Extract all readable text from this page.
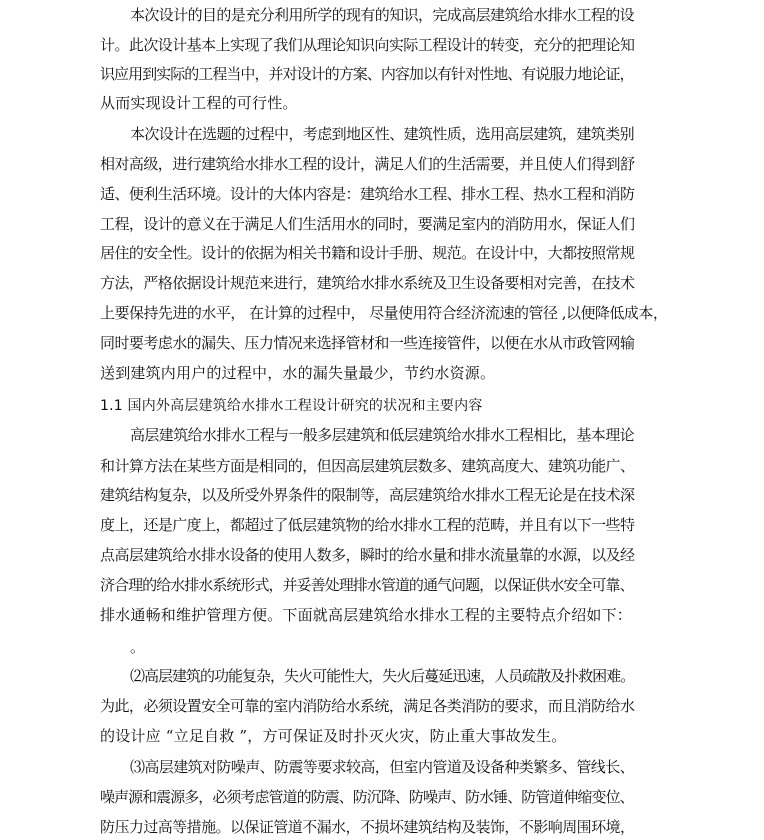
本次设计的目的是充分利用所学的现有的知识，完成高层建筑给水排水工程的设
计。此次设计基本上实现了我们从理论知识向实际工程设计的转变，充分的把理论知
识应用到实际的工程当中，并对设计的方案、内容加以有针对性地、有说服力地论证，
从而实现设计工程的可行性。
本次设计在选题的过程中，考虑到地区性、建筑性质，选用高层建筑，建筑类别
相对高级，进行建筑给水排水工程的设计，满足人们的生活需要，并且使人们得到舒
适、便利生活环境。设计的大体内容是：建筑给水工程、排水工程、热水工程和消防
工程，设计的意义在于满足人们生活用水的同时，要满足室内的消防用水，保证人们
居住的安全性。设计的依据为相关书籍和设计手册、规范。在设计中，大都按照常规
方法，严格依据设计规范来进行，建筑给水排水系统及卫生设备要相对完善，在技术
上要保持先进的水平， 在计算的过程中， 尽量使用符合经济流速的管径 ,以便降低成本，
同时要考虑水的漏失、压力情况来选择管材和一些连接管件，以便在水从市政管网输
送到建筑内用户的过程中，水的漏失量最少，节约水资源。
1.1 国内外高层建筑给水排水工程设计研究的状况和主要内容
高层建筑给水排水工程与一般多层建筑和低层建筑给水排水工程相比，基本理论
和计算方法在某些方面是相同的，但因高层建筑层数多、建筑高度大、建筑功能广、
建筑结构复杂，以及所受外界条件的限制等，高层建筑给水排水工程无论是在技术深
度上，还是广度上，都超过了低层建筑物的给水排水工程的范畴，并且有以下一些特
点高层建筑给水排水设备的使用人数多，瞬时的给水量和排水流量靠的水源，以及经
济合理的给水排水系统形式，并妥善处理排水管道的通气问题，以保证供水安全可靠、
排水通畅和维护管理方便。下面就高层建筑给水排水工程的主要特点介绍如下：
。
⑵高层建筑的功能复杂，失火可能性大，失火后蔓延迅速，人员疏散及扑救困难。
为此，必须设置安全可靠的室内消防给水系统，满足各类消防的要求，而且消防给水
的设计应 “立足自救 ”，方可保证及时扑灭火灾，防止重大事故发生。
⑶高层建筑对防噪声、防震等要求较高，但室内管道及设备种类繁多、管线长、
噪声源和震源多，必须考虑管道的防震、防沉降、防噪声、防水锤、防管道伸缩变位、
防压力过高等措施。以保证管道不漏水，不损坏建筑结构及装饰，不影响周围环境，
